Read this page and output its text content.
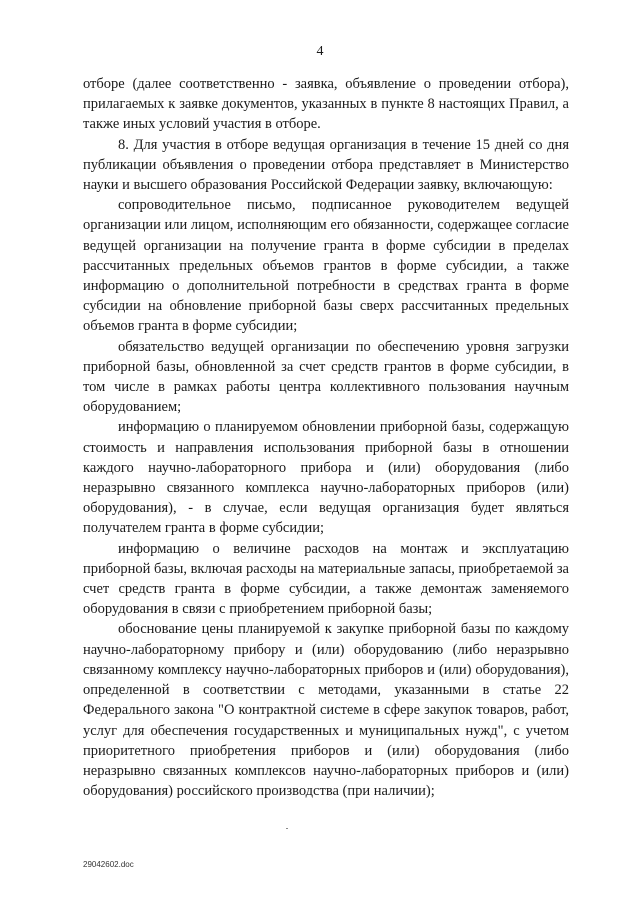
4

отборе (далее соответственно - заявка, объявление о проведении отбора), прилагаемых к заявке документов, указанных в пункте 8 настоящих Правил, а также иных условий участия в отборе.

8. Для участия в отборе ведущая организация в течение 15 дней со дня публикации объявления о проведении отбора представляет в Министерство науки и высшего образования Российской Федерации заявку, включающую:

сопроводительное письмо, подписанное руководителем ведущей организации или лицом, исполняющим его обязанности, содержащее согласие ведущей организации на получение гранта в форме субсидии в пределах рассчитанных предельных объемов грантов в форме субсидии, а также информацию о дополнительной потребности в средствах гранта в форме субсидии на обновление приборной базы сверх рассчитанных предельных объемов гранта в форме субсидии;

обязательство ведущей организации по обеспечению уровня загрузки приборной базы, обновленной за счет средств грантов в форме субсидии, в том числе в рамках работы центра коллективного пользования научным оборудованием;

информацию о планируемом обновлении приборной базы, содержащую стоимость и направления использования приборной базы в отношении каждого научно-лабораторного прибора и (или) оборудования (либо неразрывно связанного комплекса научно-лабораторных приборов (или) оборудования), - в случае, если ведущая организация будет являться получателем гранта в форме субсидии;

информацию о величине расходов на монтаж и эксплуатацию приборной базы, включая расходы на материальные запасы, приобретаемой за счет средств гранта в форме субсидии, а также демонтаж заменяемого оборудования в связи с приобретением приборной базы;

обоснование цены планируемой к закупке приборной базы по каждому научно-лабораторному прибору и (или) оборудованию (либо неразрывно связанному комплексу научно-лабораторных приборов и (или) оборудования), определенной в соответствии с методами, указанными в статье 22 Федерального закона "О контрактной системе в сфере закупок товаров, работ, услуг для обеспечения государственных и муниципальных нужд", с учетом приоритетного приобретения приборов и (или) оборудования (либо неразрывно связанных комплексов научно-лабораторных приборов и (или) оборудования) российского производства (при наличии);

29042602.doc
